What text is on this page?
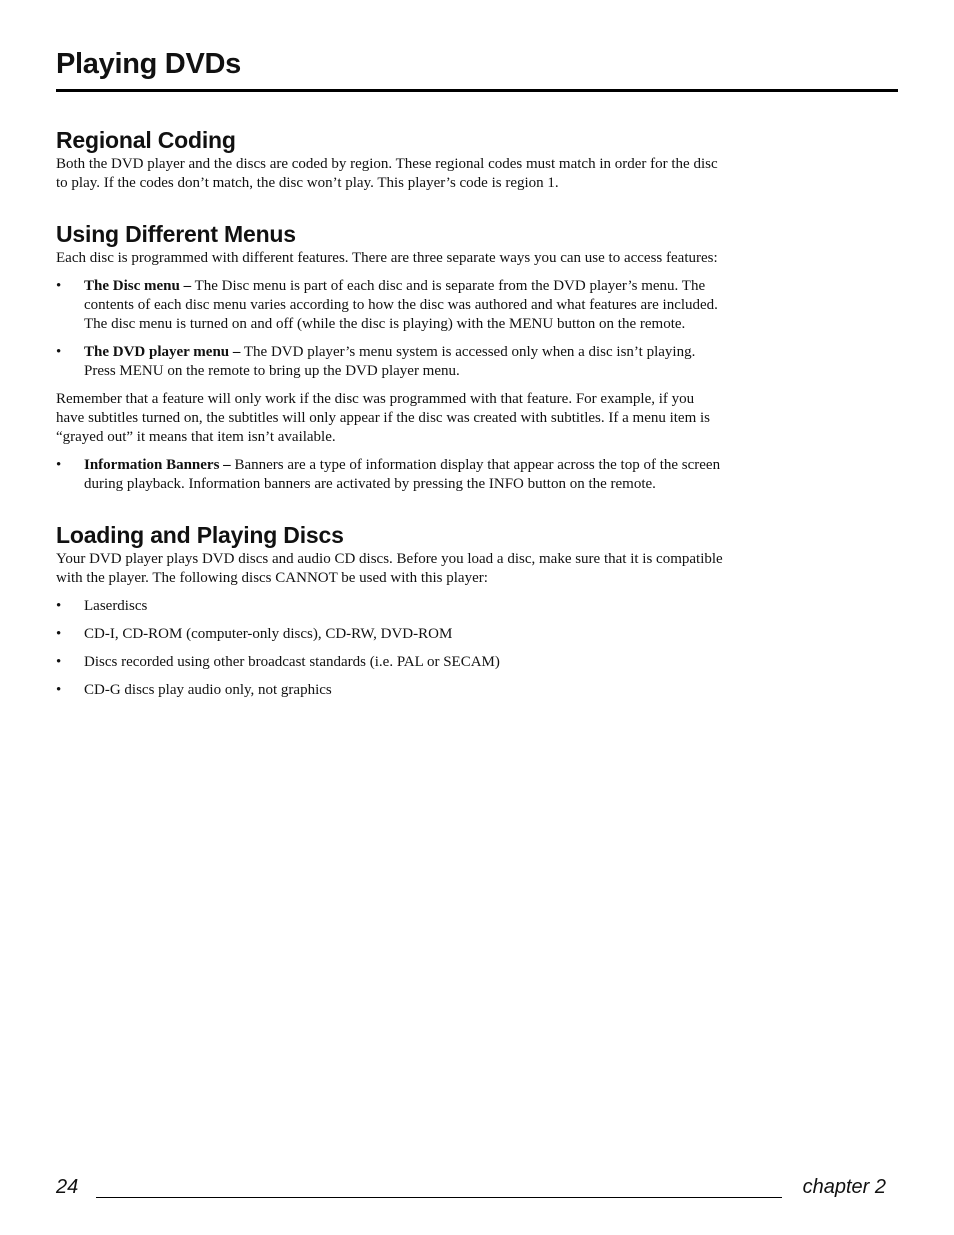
Playing DVDs
Regional Coding

Both the DVD player and the discs are coded by region. These regional codes must match in order for the disc to play. If the codes don’t match, the disc won’t play. This player’s code is region 1.

Using Different Menus

Each disc is programmed with different features. There are three separate ways you can use to access features:

• The Disc menu – The Disc menu is part of each disc and is separate from the DVD player’s menu. The contents of each disc menu varies according to how the disc was authored and what features are included. The disc menu is turned on and off (while the disc is playing) with the MENU button on the remote.
• The DVD player menu – The DVD player’s menu system is accessed only when a disc isn’t playing. Press MENU on the remote to bring up the DVD player menu.

Remember that a feature will only work if the disc was programmed with that feature. For example, if you have subtitles turned on, the subtitles will only appear if the disc was created with subtitles. If a menu item is “grayed out” it means that item isn’t available.

• Information Banners – Banners are a type of information display that appear across the top of the screen during playback. Information banners are activated by pressing the INFO button on the remote.
Loading and Playing Discs

Your DVD player plays DVD discs and audio CD discs. Before you load a disc, make sure that it is compatible with the player. The following discs CANNOT be used with this player:

• Laserdiscs
• CD-I, CD-ROM (computer-only discs), CD-RW, DVD-ROM
• Discs recorded using other broadcast standards (i.e. PAL or SECAM)
• CD-G discs play audio only, not graphics
24	chapter 2
